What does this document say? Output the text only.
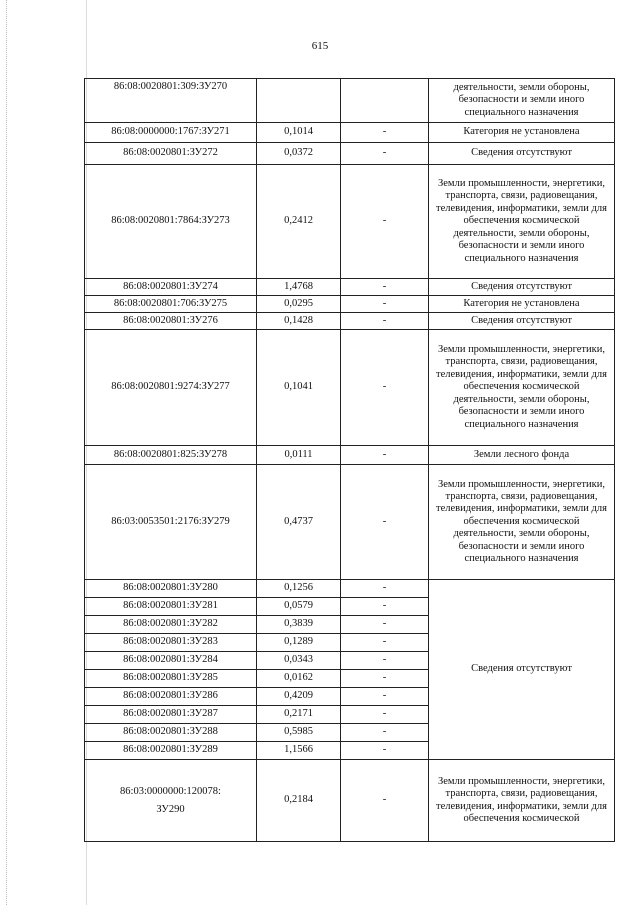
615
86:08:0020801:309:ЗУ270			деятельности, земли обороны, безопасности и земли иного специального назначения
86:08:0000000:1767:ЗУ271	0,1014	-	Категория не установлена
86:08:0020801:ЗУ272	0,0372	-	Сведения отсутствуют
86:08:0020801:7864:ЗУ273	0,2412	-	Земли промышленности, энергетики, транспорта, связи, радиовещания, телевидения, информатики, земли для обеспечения космической деятельности, земли обороны, безопасности и земли иного специального назначения
86:08:0020801:ЗУ274	1,4768	-	Сведения отсутствуют
86:08:0020801:706:ЗУ275	0,0295	-	Категория не установлена
86:08:0020801:ЗУ276	0,1428	-	Сведения отсутствуют
86:08:0020801:9274:ЗУ277	0,1041	-	Земли промышленности, энергетики, транспорта, связи, радиовещания, телевидения, информатики, земли для обеспечения космической деятельности, земли обороны, безопасности и земли иного специального назначения
86:08:0020801:825:ЗУ278	0,0111	-	Земли лесного фонда
86:03:0053501:2176:ЗУ279	0,4737	-	Земли промышленности, энергетики, транспорта, связи, радиовещания, телевидения, информатики, земли для обеспечения космической деятельности, земли обороны, безопасности и земли иного специального назначения
86:08:0020801:ЗУ280	0,1256	-	Сведения отсутствуют
86:08:0020801:ЗУ281	0,0579	-	
86:08:0020801:ЗУ282	0,3839	-	
86:08:0020801:ЗУ283	0,1289	-	
86:08:0020801:ЗУ284	0,0343	-	
86:08:0020801:ЗУ285	0,0162	-	
86:08:0020801:ЗУ286	0,4209	-	
86:08:0020801:ЗУ287	0,2171	-	
86:08:0020801:ЗУ288	0,5985	-	
86:08:0020801:ЗУ289	1,1566	-	
86:03:0000000:120078:
ЗУ290	0,2184	-	Земли промышленности, энергетики, транспорта, связи, радиовещания, телевидения, информатики, земли для обеспечения космической
